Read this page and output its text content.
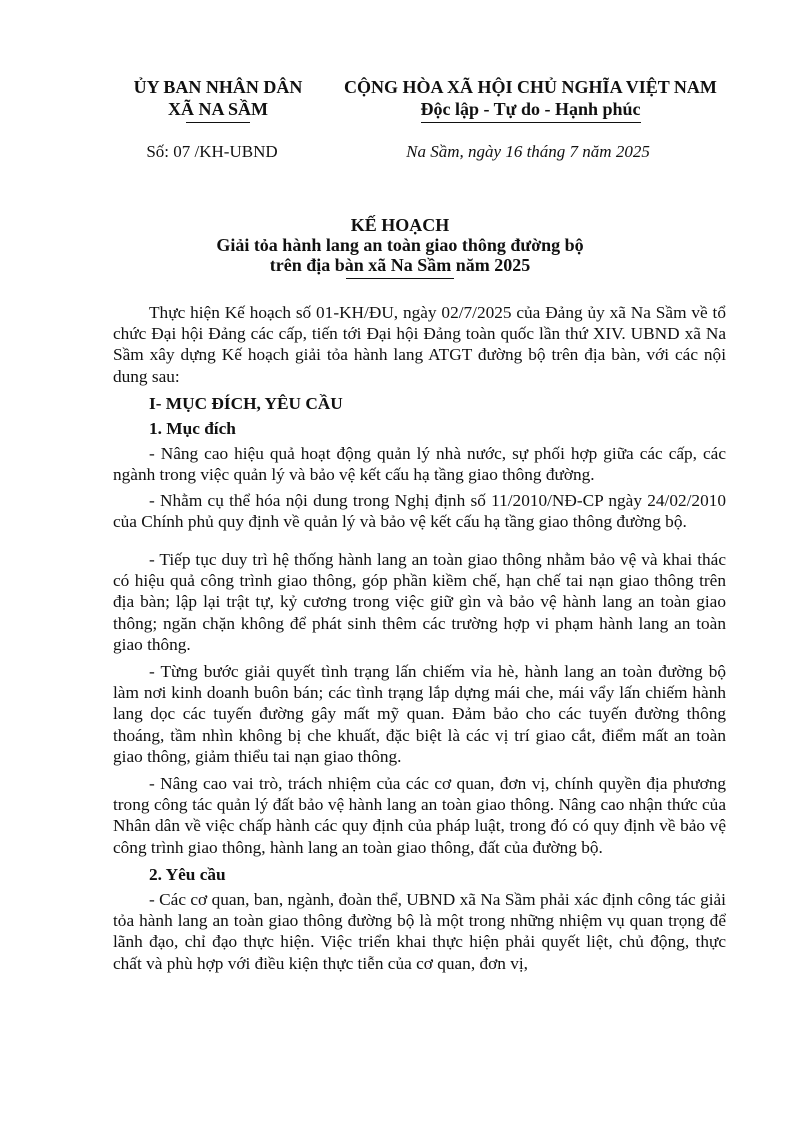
ỦY BAN NHÂN DÂN
XÃ NA SẦM
CỘNG HÒA XÃ HỘI CHỦ NGHĨA VIỆT NAM
Độc lập - Tự do - Hạnh phúc
Số: 07 /KH-UBND	Na Sầm, ngày 16 tháng 7 năm 2025
KẾ HOẠCH
Giải tỏa hành lang an toàn giao thông đường bộ
trên địa bàn xã Na Sầm năm 2025

Thực hiện Kế hoạch số 01-KH/ĐU, ngày 02/7/2025 của Đảng ủy xã Na Sầm về tổ chức Đại hội Đảng các cấp, tiến tới Đại hội Đảng toàn quốc lần thứ XIV. UBND xã Na Sầm xây dựng Kế hoạch giải tỏa hành lang ATGT đường bộ trên địa bàn, với các nội dung sau:

I- MỤC ĐÍCH, YÊU CẦU
1. Mục đích

- Nâng cao hiệu quả hoạt động quản lý nhà nước, sự phối hợp giữa các cấp, các ngành trong việc quản lý và bảo vệ kết cấu hạ tầng giao thông đường.

- Nhằm cụ thể hóa nội dung trong Nghị định số 11/2010/NĐ-CP ngày 24/02/2010 của Chính phủ quy định về quản lý và bảo vệ kết cấu hạ tầng giao thông đường bộ.

- Tiếp tục duy trì hệ thống hành lang an toàn giao thông nhằm bảo vệ và khai thác có hiệu quả công trình giao thông, góp phần kiềm chế, hạn chế tai nạn giao thông trên địa bàn; lập lại trật tự, kỷ cương trong việc giữ gìn và bảo vệ hành lang an toàn giao thông; ngăn chặn không để phát sinh thêm các trường hợp vi phạm hành lang an toàn giao thông.

- Từng bước giải quyết tình trạng lấn chiếm vỉa hè, hành lang an toàn đường bộ làm nơi kinh doanh buôn bán; các tình trạng lắp dựng mái che, mái vẩy lấn chiếm hành lang dọc các tuyến đường gây mất mỹ quan. Đảm bảo cho các tuyến đường thông thoáng, tầm nhìn không bị che khuất, đặc biệt là các vị trí giao cắt, điểm mất an toàn giao thông, giảm thiểu tai nạn giao thông.

- Nâng cao vai trò, trách nhiệm của các cơ quan, đơn vị, chính quyền địa phương trong công tác quản lý đất bảo vệ hành lang an toàn giao thông. Nâng cao nhận thức của Nhân dân về việc chấp hành các quy định của pháp luật, trong đó có quy định về bảo vệ công trình giao thông, hành lang an toàn giao thông, đất của đường bộ.

2. Yêu cầu

- Các cơ quan, ban, ngành, đoàn thể, UBND xã Na Sầm phải xác định công tác giải tỏa hành lang an toàn giao thông đường bộ là một trong những nhiệm vụ quan trọng để lãnh đạo, chỉ đạo thực hiện. Việc triển khai thực hiện phải quyết liệt, chủ động, thực chất và phù hợp với điều kiện thực tiễn của cơ quan, đơn vị,
